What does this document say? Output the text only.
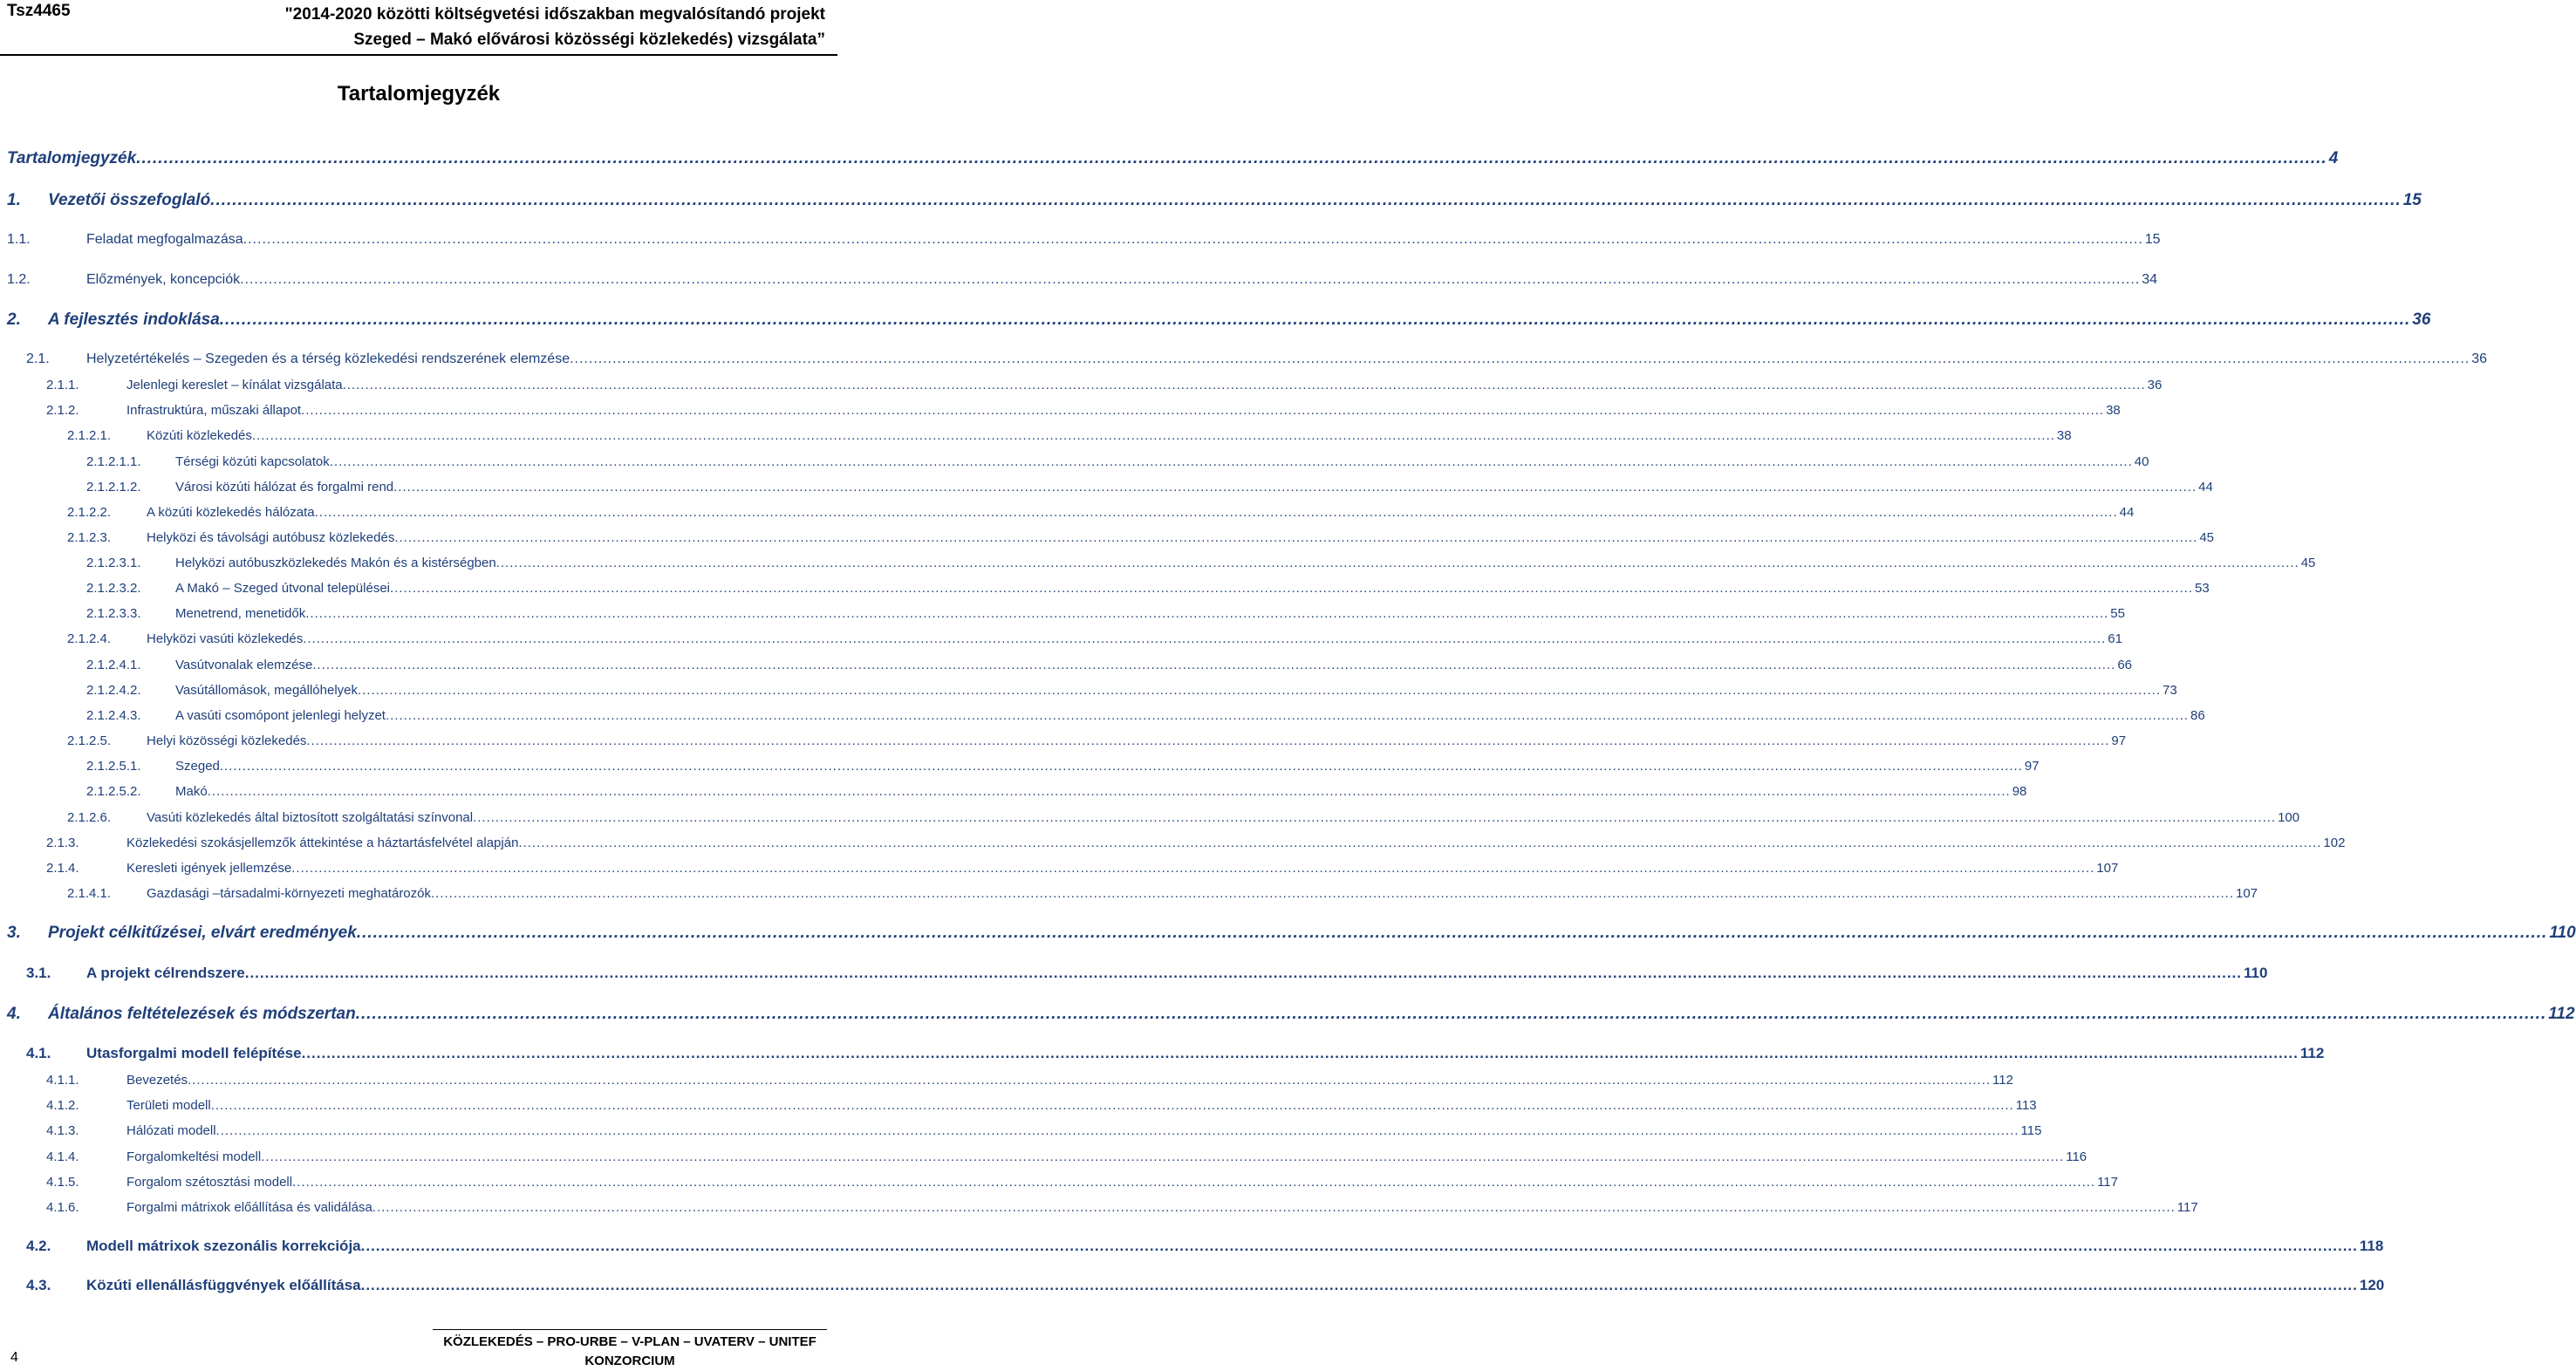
Tsz4465	"2014-2020 közötti költségvetési időszakban megvalósítandó projekt
Szeged – Makó elővárosi közösségi közlekedés) vizsgálata”
Tartalomjegyzék
Tartalomjegyzék ................................................................................................................................................................................................................................................................................................................................................................................................................ 4
1. Vezetői összefoglaló ................................................................................................................................................................................................................................................................................................................................................................................................................ 15
1.1.	Feladat megfogalmazása ................................................................................................................................................................................................................................................................................................................................................................................................................ 15
1.2.	Előzmények, koncepciók ................................................................................................................................................................................................................................................................................................................................................................................................................ 34
2. A fejlesztés indoklása ................................................................................................................................................................................................................................................................................................................................................................................................................ 36
2.1.	Helyzetértékelés – Szegeden és a térség közlekedési rendszerének elemzése ................................................................................................................................................................................................................................................................................................................................................................................................................ 36
2.1.1.	Jelenlegi kereslet – kínálat vizsgálata ................................................................................................................................................................................................................................................................................................................................................................................................................ 36
2.1.2.	Infrastruktúra, műszaki állapot ................................................................................................................................................................................................................................................................................................................................................................................................................ 38
2.1.2.1.	Közúti közlekedés ................................................................................................................................................................................................................................................................................................................................................................................................................ 38
2.1.2.1.1.	Térségi közúti kapcsolatok ................................................................................................................................................................................................................................................................................................................................................................................................................ 40
2.1.2.1.2.	Városi közúti hálózat és forgalmi rend ................................................................................................................................................................................................................................................................................................................................................................................................................ 44
2.1.2.2.	A közúti közlekedés hálózata ................................................................................................................................................................................................................................................................................................................................................................................................................ 44
2.1.2.3.	Helyközi és távolsági autóbusz közlekedés ................................................................................................................................................................................................................................................................................................................................................................................................................ 45
2.1.2.3.1.	Helyközi autóbuszközlekedés Makón és a kistérségben ................................................................................................................................................................................................................................................................................................................................................................................................................ 45
2.1.2.3.2.	A Makó – Szeged útvonal települései ................................................................................................................................................................................................................................................................................................................................................................................................................ 53
2.1.2.3.3.	Menetrend, menetidők ................................................................................................................................................................................................................................................................................................................................................................................................................ 55
2.1.2.4.	Helyközi vasúti közlekedés ................................................................................................................................................................................................................................................................................................................................................................................................................ 61
2.1.2.4.1.	Vasútvonalak elemzése ................................................................................................................................................................................................................................................................................................................................................................................................................ 66
2.1.2.4.2.	Vasútállomások, megállóhelyek ................................................................................................................................................................................................................................................................................................................................................................................................................ 73
2.1.2.4.3.	A vasúti csomópont jelenlegi helyzet ................................................................................................................................................................................................................................................................................................................................................................................................................ 86
2.1.2.5.	Helyi közösségi közlekedés ................................................................................................................................................................................................................................................................................................................................................................................................................ 97
2.1.2.5.1.	Szeged ................................................................................................................................................................................................................................................................................................................................................................................................................ 97
2.1.2.5.2.	Makó ................................................................................................................................................................................................................................................................................................................................................................................................................ 98
2.1.2.6.	Vasúti közlekedés által biztosított szolgáltatási színvonal ................................................................................................................................................................................................................................................................................................................................................................................................................ 100
2.1.3.	Közlekedési szokásjellemzők áttekintése a háztartásfelvétel alapján ................................................................................................................................................................................................................................................................................................................................................................................................................ 102
2.1.4.	Keresleti igények jellemzése ................................................................................................................................................................................................................................................................................................................................................................................................................ 107
2.1.4.1.	Gazdasági –társadalmi-környezeti meghatározók ................................................................................................................................................................................................................................................................................................................................................................................................................ 107
3. Projekt célkitűzései, elvárt eredmények ................................................................................................................................................................................................................................................................................................................................................................................................................ 110
3.1. A projekt célrendszere ................................................................................................................................................................................................................................................................................................................................................................................................................ 110
4. Általános feltételezések és módszertan ................................................................................................................................................................................................................................................................................................................................................................................................................ 112
4.1. Utasforgalmi modell felépítése ................................................................................................................................................................................................................................................................................................................................................................................................................ 112
4.1.1.	Bevezetés ................................................................................................................................................................................................................................................................................................................................................................................................................ 112
4.1.2.	Területi modell ................................................................................................................................................................................................................................................................................................................................................................................................................ 113
4.1.3.	Hálózati modell ................................................................................................................................................................................................................................................................................................................................................................................................................ 115
4.1.4.	Forgalomkeltési modell ................................................................................................................................................................................................................................................................................................................................................................................................................ 116
4.1.5.	Forgalom szétosztási modell ................................................................................................................................................................................................................................................................................................................................................................................................................ 117
4.1.6.	Forgalmi mátrixok előállítása és validálása ................................................................................................................................................................................................................................................................................................................................................................................................................ 117
4.2. Modell mátrixok szezonális korrekciója ................................................................................................................................................................................................................................................................................................................................................................................................................ 118
4.3. Közúti ellenállásfüggvények előállítása ................................................................................................................................................................................................................................................................................................................................................................................................................ 120
4
KÖZLEKEDÉS – PRO-URBE – V-PLAN – UVATERV – UNITEF
KONZORCIUM
